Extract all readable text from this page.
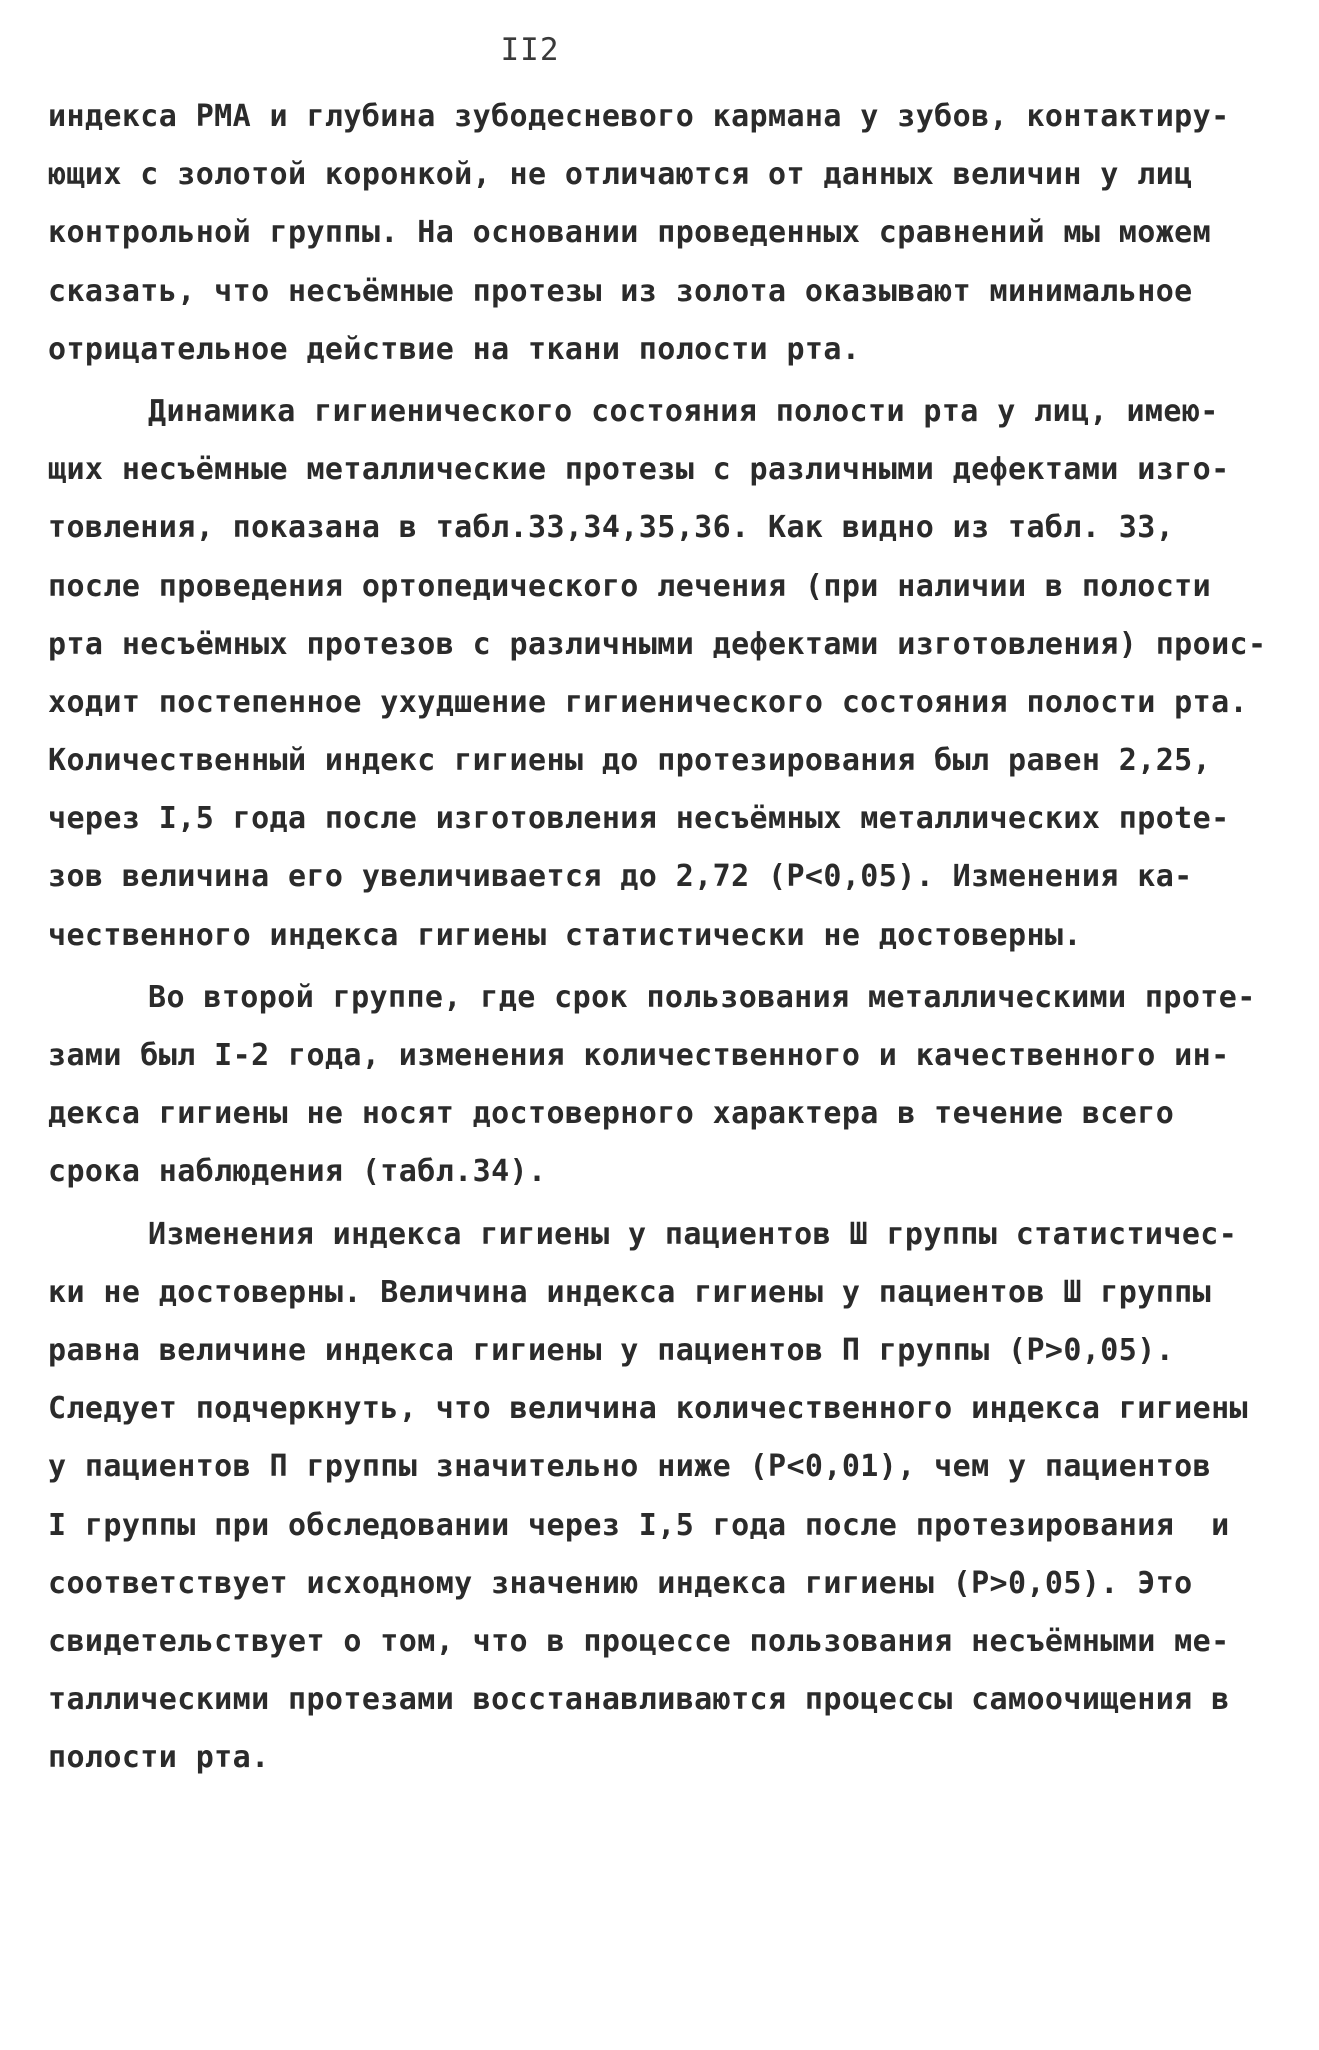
II2
индекса РМА и глубина зубодесневого кармана у зубов, контактиру-
ющих с золотой коронкой, не отличаются от данных величин у лиц
контрольной группы. На основании проведенных сравнений мы можем
сказать, что несъёмные протезы из золота оказывают минимальное
отрицательное действие на ткани полости рта.
Динамика гигиенического состояния полости рта у лиц, имею-
щих несъёмные металлические протезы с различными дефектами изго-
товления, показана в табл.33,34,35,36. Как видно из табл. 33,
после проведения ортопедического лечения (при наличии в полости
рта несъёмных протезов с различными дефектами изготовления) проис-
ходит постепенное ухудшение гигиенического состояния полости рта.
Количественный индекс гигиены до протезирования был равен 2,25,
через I,5 года после изготовления несъёмных металлических прote-
зов величина его увеличивается до 2,72 (Р<0,05). Изменения ка-
чественного индекса гигиены статистически не достоверны.
Во второй группе, где срок пользования металлическими проте-
зами был I-2 года, изменения количественного и качественного ин-
декса гигиены не носят достоверного характера в течение всего
срока наблюдения (табл.34).
Изменения индекса гигиены у пациентов Ш группы статистичес-
ки не достоверны. Величина индекса гигиены у пациентов Ш группы
равна величине индекса гигиены у пациентов П группы (Р>0,05).
Следует подчеркнуть, что величина количественного индекса гигиены
у пациентов П группы значительно ниже (Р<0,01), чем у пациентов
I группы при обследовании через I,5 года после протезирования  и
соответствует исходному значению индекса гигиены (Р>0,05). Это
свидетельствует о том, что в процессе пользования несъёмными ме-
таллическими протезами восстанавливаются процессы самоочищения в
полости рта.
